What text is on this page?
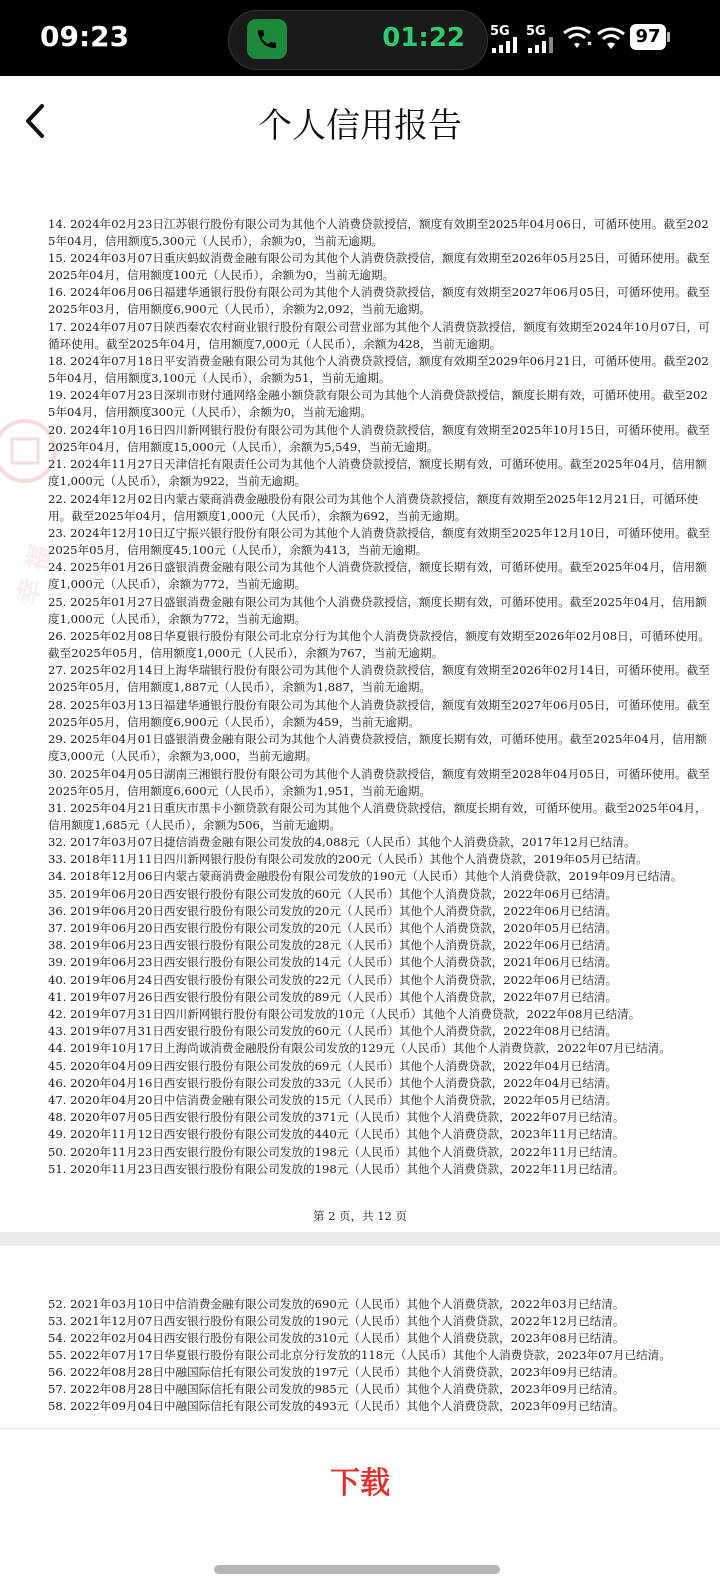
09:23	01:22 5G 5G	97
个人信用报告
14. 2024年02月23日江苏银行股份有限公司为其他个人消费贷款授信，额度有效期至2025年04月06日，可循环使用。截至2025年04月，信用额度5,300元（人民币），余额为0，当前无逾期。
15. 2024年03月07日重庆蚂蚁消费金融有限公司为其他个人消费贷款授信，额度有效期至2026年05月25日，可循环使用。截至2025年04月，信用额度100元（人民币），余额为0，当前无逾期。
16. 2024年06月06日福建华通银行股份有限公司为其他个人消费贷款授信，额度有效期至2027年06月05日，可循环使用。截至2025年03月，信用额度6,900元（人民币），余额为2,092，当前无逾期。
17. 2024年07月07日陕西秦农农村商业银行股份有限公司营业部为其他个人消费贷款授信，额度有效期至2024年10月07日，可循环使用。截至2025年04月，信用额度7,000元（人民币），余额为428，当前无逾期。
18. 2024年07月18日平安消费金融有限公司为其他个人消费贷款授信，额度有效期至2029年06月21日，可循环使用。截至2025年04月，信用额度3,100元（人民币），余额为51，当前无逾期。
19. 2024年07月23日深圳市财付通网络金融小额贷款有限公司为其他个人消费贷款授信，额度长期有效，可循环使用。截至2025年04月，信用额度300元（人民币），余额为0，当前无逾期。
20. 2024年10月16日四川新网银行股份有限公司为其他个人消费贷款授信，额度有效期至2025年10月15日，可循环使用。截至2025年04月，信用额度15,000元（人民币），余额为5,549，当前无逾期。
21. 2024年11月27日天津信托有限责任公司为其他个人消费贷款授信，额度长期有效，可循环使用。截至2025年04月，信用额度1,000元（人民币），余额为922，当前无逾期。
22. 2024年12月02日内蒙古蒙商消费金融股份有限公司为其他个人消费贷款授信，额度有效期至2025年12月21日，可循环使用。截至2025年04月，信用额度1,000元（人民币），余额为692，当前无逾期。
23. 2024年12月10日辽宁振兴银行股份有限公司为其他个人消费贷款授信，额度有效期至2025年12月10日，可循环使用。截至2025年05月，信用额度45,100元（人民币），余额为413，当前无逾期。
24. 2025年01月26日盛银消费金融有限公司为其他个人消费贷款授信，额度长期有效，可循环使用。截至2025年04月，信用额度1,000元（人民币），余额为772，当前无逾期。
25. 2025年01月27日盛银消费金融有限公司为其他个人消费贷款授信，额度长期有效，可循环使用。截至2025年04月，信用额度1,000元（人民币），余额为772，当前无逾期。
26. 2025年02月08日华夏银行股份有限公司北京分行为其他个人消费贷款授信，额度有效期至2026年02月08日，可循环使用。截至2025年05月，信用额度1,000元（人民币），余额为767，当前无逾期。
27. 2025年02月14日上海华瑞银行股份有限公司为其他个人消费贷款授信，额度有效期至2026年02月14日，可循环使用。截至2025年05月，信用额度1,887元（人民币），余额为1,887，当前无逾期。
28. 2025年03月13日福建华通银行股份有限公司为其他个人消费贷款授信，额度有效期至2027年06月05日，可循环使用。截至2025年05月，信用额度6,900元（人民币），余额为459，当前无逾期。
29. 2025年04月01日盛银消费金融有限公司为其他个人消费贷款授信，额度长期有效，可循环使用。截至2025年04月，信用额度3,000元（人民币），余额为3,000，当前无逾期。
30. 2025年04月05日湖南三湘银行股份有限公司为其他个人消费贷款授信，额度有效期至2028年04月05日，可循环使用。截至2025年05月，信用额度6,600元（人民币），余额为1,951，当前无逾期。
31. 2025年04月21日重庆市黑卡小额贷款有限公司为其他个人消费贷款授信，额度长期有效，可循环使用。截至2025年04月，信用额度1,685元（人民币），余额为506，当前无逾期。
32. 2017年03月07日捷信消费金融有限公司发放的4,088元（人民币）其他个人消费贷款，2017年12月已结清。
33. 2018年11月11日四川新网银行股份有限公司发放的200元（人民币）其他个人消费贷款，2019年05月已结清。
34. 2018年12月06日内蒙古蒙商消费金融股份有限公司发放的190元（人民币）其他个人消费贷款，2019年09月已结清。
35. 2019年06月20日西安银行股份有限公司发放的60元（人民币）其他个人消费贷款，2022年06月已结清。
36. 2019年06月20日西安银行股份有限公司发放的20元（人民币）其他个人消费贷款，2022年06月已结清。
37. 2019年06月20日西安银行股份有限公司发放的20元（人民币）其他个人消费贷款，2020年05月已结清。
38. 2019年06月23日西安银行股份有限公司发放的28元（人民币）其他个人消费贷款，2022年06月已结清。
39. 2019年06月23日西安银行股份有限公司发放的14元（人民币）其他个人消费贷款，2021年06月已结清。
40. 2019年06月24日西安银行股份有限公司发放的22元（人民币）其他个人消费贷款，2022年06月已结清。
41. 2019年07月26日西安银行股份有限公司发放的89元（人民币）其他个人消费贷款，2022年07月已结清。
42. 2019年07月31日四川新网银行股份有限公司发放的10元（人民币）其他个人消费贷款，2022年08月已结清。
43. 2019年07月31日西安银行股份有限公司发放的60元（人民币）其他个人消费贷款，2022年08月已结清。
44. 2019年10月17日上海尚诚消费金融股份有限公司发放的129元（人民币）其他个人消费贷款，2022年07月已结清。
45. 2020年04月09日西安银行股份有限公司发放的69元（人民币）其他个人消费贷款，2022年04月已结清。
46. 2020年04月16日西安银行股份有限公司发放的33元（人民币）其他个人消费贷款，2022年04月已结清。
47. 2020年04月20日中信消费金融有限公司发放的15元（人民币）其他个人消费贷款，2022年05月已结清。
48. 2020年07月05日西安银行股份有限公司发放的371元（人民币）其他个人消费贷款，2022年07月已结清。
49. 2020年11月12日西安银行股份有限公司发放的440元（人民币）其他个人消费贷款，2023年11月已结清。
50. 2020年11月23日西安银行股份有限公司发放的198元（人民币）其他个人消费贷款，2022年11月已结清。
51. 2020年11月23日西安银行股份有限公司发放的198元（人民币）其他个人消费贷款，2022年11月已结清。
第 2 页，共 12 页
幸 福
52. 2021年03月10日中信消费金融有限公司发放的690元（人民币）其他个人消费贷款，2022年03月已结清。
53. 2021年12月07日西安银行股份有限公司发放的190元（人民币）其他个人消费贷款，2022年12月已结清。
54. 2022年02月04日西安银行股份有限公司发放的310元（人民币）其他个人消费贷款，2023年08月已结清。
55. 2022年07月17日华夏银行股份有限公司北京分行发放的118元（人民币）其他个人消费贷款，2023年07月已结清。
56. 2022年08月28日中融国际信托有限公司发放的197元（人民币）其他个人消费贷款，2023年09月已结清。
57. 2022年08月28日中融国际信托有限公司发放的985元（人民币）其他个人消费贷款，2023年09月已结清。
58. 2022年09月04日中融国际信托有限公司发放的493元（人民币）其他个人消费贷款，2023年09月已结清。
下载
